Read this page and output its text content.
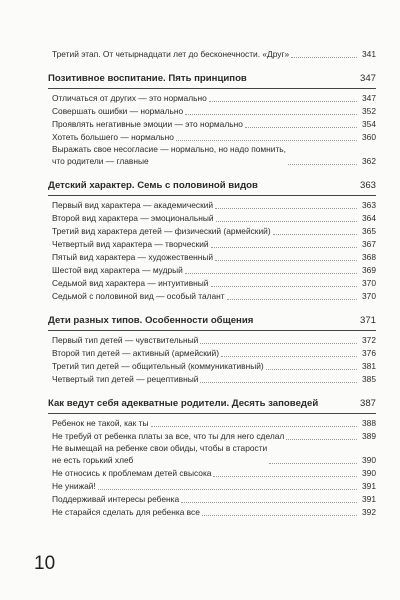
Третий этап. От четырнадцати лет до бесконечности. «Друг»	341
Позитивное воспитание. Пять принципов	347
Отличаться от других — это нормально	347
Совершать ошибки — нормально	352
Проявлять негативные эмоции — это нормально	354
Хотеть большего — нормально	360
Выражать свое несогласие — нормально, но надо помнить,
что родители — главные	362
Детский характер. Семь с половиной видов	363
Первый вид характера — академический	363
Второй вид характера — эмоциональный	364
Третий вид характера детей — физический (армейский)	365
Четвертый вид характера — творческий	367
Пятый вид характера — художественный	368
Шестой вид характера — мудрый	369
Седьмой вид характера — интуитивный	370
Седьмой с половиной вид — особый талант	370
Дети разных типов. Особенности общения	371
Первый тип детей — чувствительный	372
Второй тип детей — активный (армейский)	376
Третий тип детей — общительный (коммуникативный)	381
Четвертый тип детей — рецептивный	385
Как ведут себя адекватные родители. Десять заповедей	387
Ребенок не такой, как ты	388
Не требуй от ребенка платы за все, что ты для него сделал	389
Не вымещай на ребенке свои обиды, чтобы в старости
не есть горький хлеб	390
Не относись к проблемам детей свысока	390
Не унижай!	391
Поддерживай интересы ребенка	391
Не старайся сделать для ребенка все	392
10
